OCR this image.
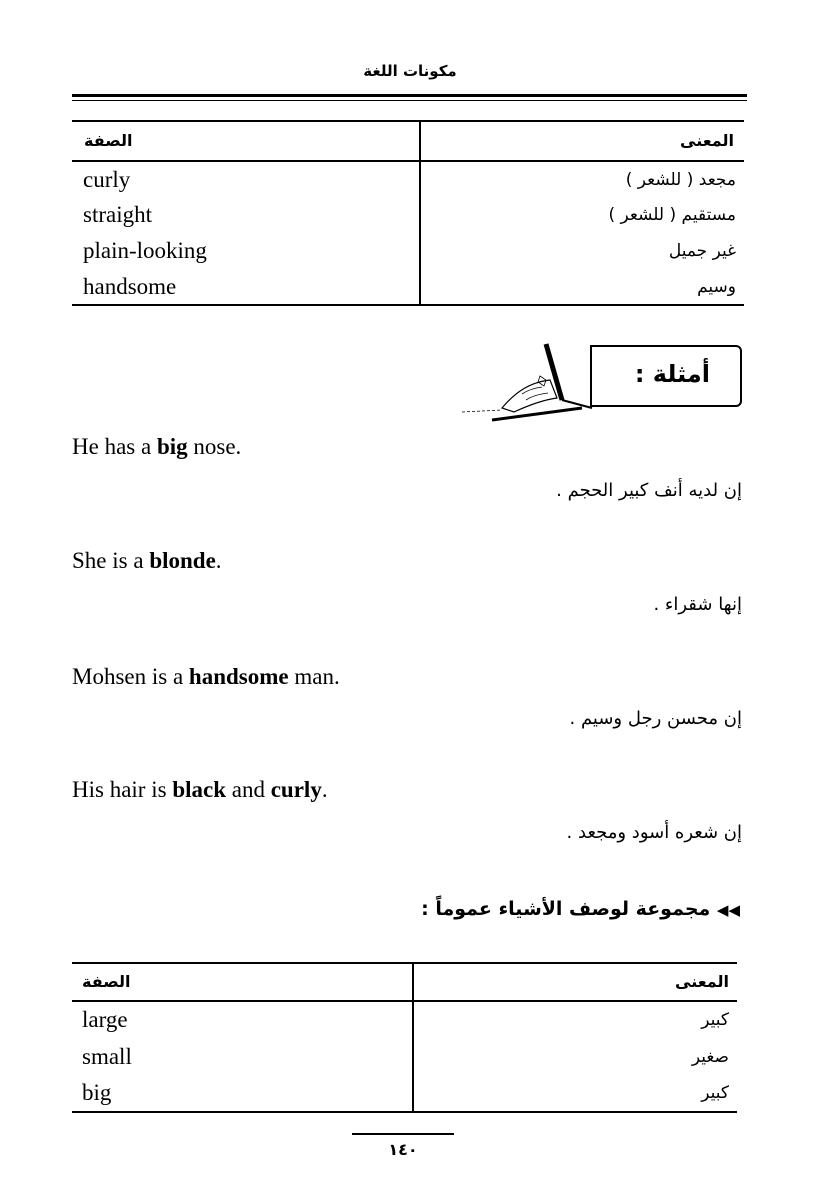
مكونات اللغة
الصفة	المعنى
curly	مجعد ( للشعر )
straight	مستقيم ( للشعر )
plain-looking	غير جميل
handsome	وسيم
أمثلة :
He has a big nose.
إن لديه أنف كبير الحجم .
She is a blonde.
إنها شقراء .
Mohsen is a handsome man.
إن محسن رجل وسيم .
His hair is black and curly.
إن شعره أسود ومجعد .
◀◀ مجموعة لوصف الأشياء عموماً :
الصفة	المعنى
large	كبير
small	صغير
big	كبير
١٤٠
